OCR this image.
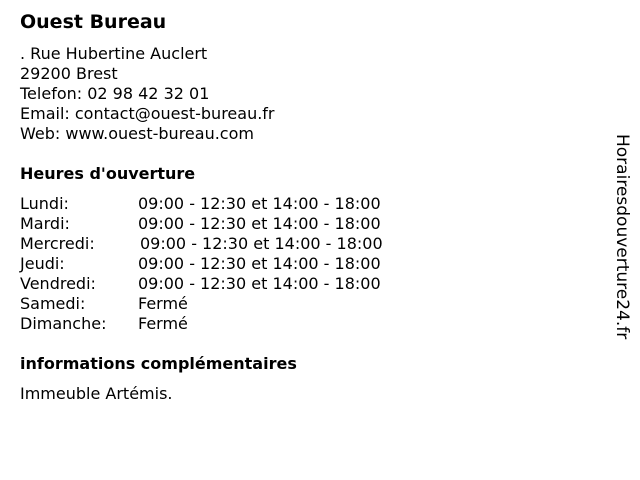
Ouest Bureau
. Rue Hubertine Auclert
29200 Brest
Telefon: 02 98 42 32 01
Email: contact@ouest-bureau.fr
Web: www.ouest-bureau.com
Heures d'ouverture
Lundi:	09:00 - 12:30 et 14:00 - 18:00
Mardi:	09:00 - 12:30 et 14:00 - 18:00
Mercredi:	09:00 - 12:30 et 14:00 - 18:00
Jeudi:	09:00 - 12:30 et 14:00 - 18:00
Vendredi:	09:00 - 12:30 et 14:00 - 18:00
Samedi:	Fermé
Dimanche: Fermé
informations complémentaires
Immeuble Artémis.
Horairesdouverture24.fr
